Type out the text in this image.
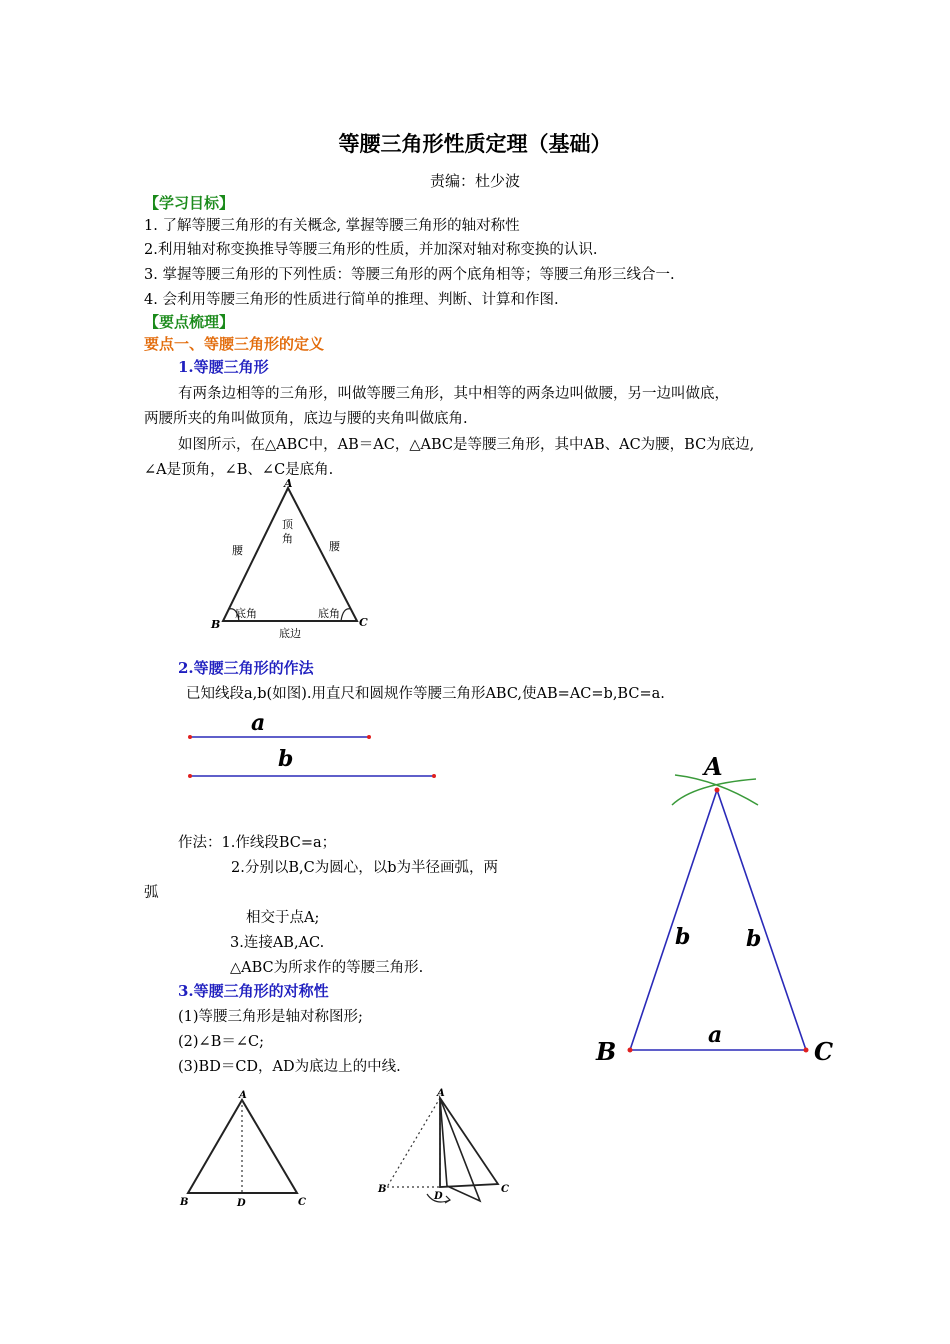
等腰三角形性质定理（基础）
责编：杜少波
【学习目标】
1. 了解等腰三角形的有关概念, 掌握等腰三角形的轴对称性
2.利用轴对称变换推导等腰三角形的性质，并加深对轴对称变换的认识.
3. 掌握等腰三角形的下列性质：等腰三角形的两个底角相等；等腰三角形三线合一.
4. 会利用等腰三角形的性质进行简单的推理、判断、计算和作图.
【要点梳理】
要点一、等腰三角形的定义
1.等腰三角形
有两条边相等的三角形，叫做等腰三角形，其中相等的两条边叫做腰，另一边叫做底，
两腰所夹的角叫做顶角，底边与腰的夹角叫做底角.
如图所示，在△ABC中，AB＝AC，△ABC是等腰三角形，其中AB、AC为腰，BC为底边,
∠A是顶角，∠B、∠C是底角.
A
B	C
腰	腰
顶
角
底角	底角
底边
2.等腰三角形的作法
已知线段a,b(如图).用直尺和圆规作等腰三角形ABC,使AB=AC=b,BC=a.
a
b
作法：1.作线段BC=a；
2.分别以B,C为圆心，以b为半径画弧，两
弧
相交于点A;
3.连接AB,AC.
△ABC为所求作的等腰三角形.
A
B	C
b	b
a
3.等腰三角形的对称性
(1)等腰三角形是轴对称图形;
(2)∠B＝∠C;
(3)BD＝CD，AD为底边上的中线.
A
B	C
D
A
B	C
D
